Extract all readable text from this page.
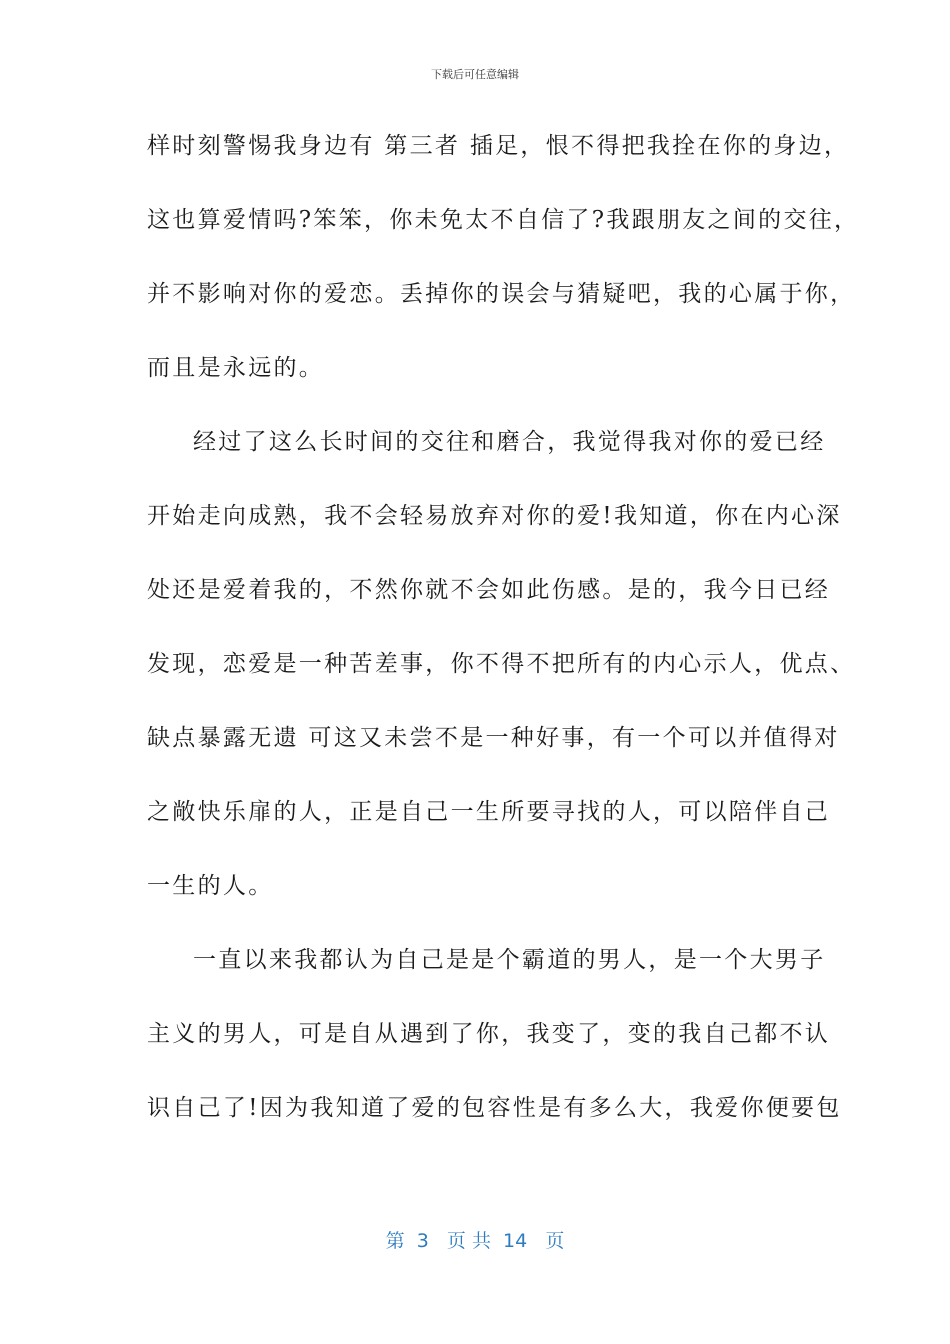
下载后可任意编辑
样时刻警惕我身边有 第三者 插足，恨不得把我拴在你的身边，
这也算爱情吗?笨笨，你未免太不自信了?我跟朋友之间的交往，
并不影响对你的爱恋。丢掉你的误会与猜疑吧，我的心属于你，
而且是永远的。
经过了这么长时间的交往和磨合，我觉得我对你的爱已经
开始走向成熟，我不会轻易放弃对你的爱!我知道，你在内心深
处还是爱着我的，不然你就不会如此伤感。是的，我今日已经
发现，恋爱是一种苦差事，你不得不把所有的内心示人，优点、
缺点暴露无遗 可这又未尝不是一种好事，有一个可以并值得对
之敞快乐扉的人，正是自己一生所要寻找的人，可以陪伴自己
一生的人。
一直以来我都认为自己是是个霸道的男人，是一个大男子
主义的男人，可是自从遇到了你，我变了，变的我自己都不认
识自己了!因为我知道了爱的包容性是有多么大，我爱你便要包
第  3   页 共  14   页
